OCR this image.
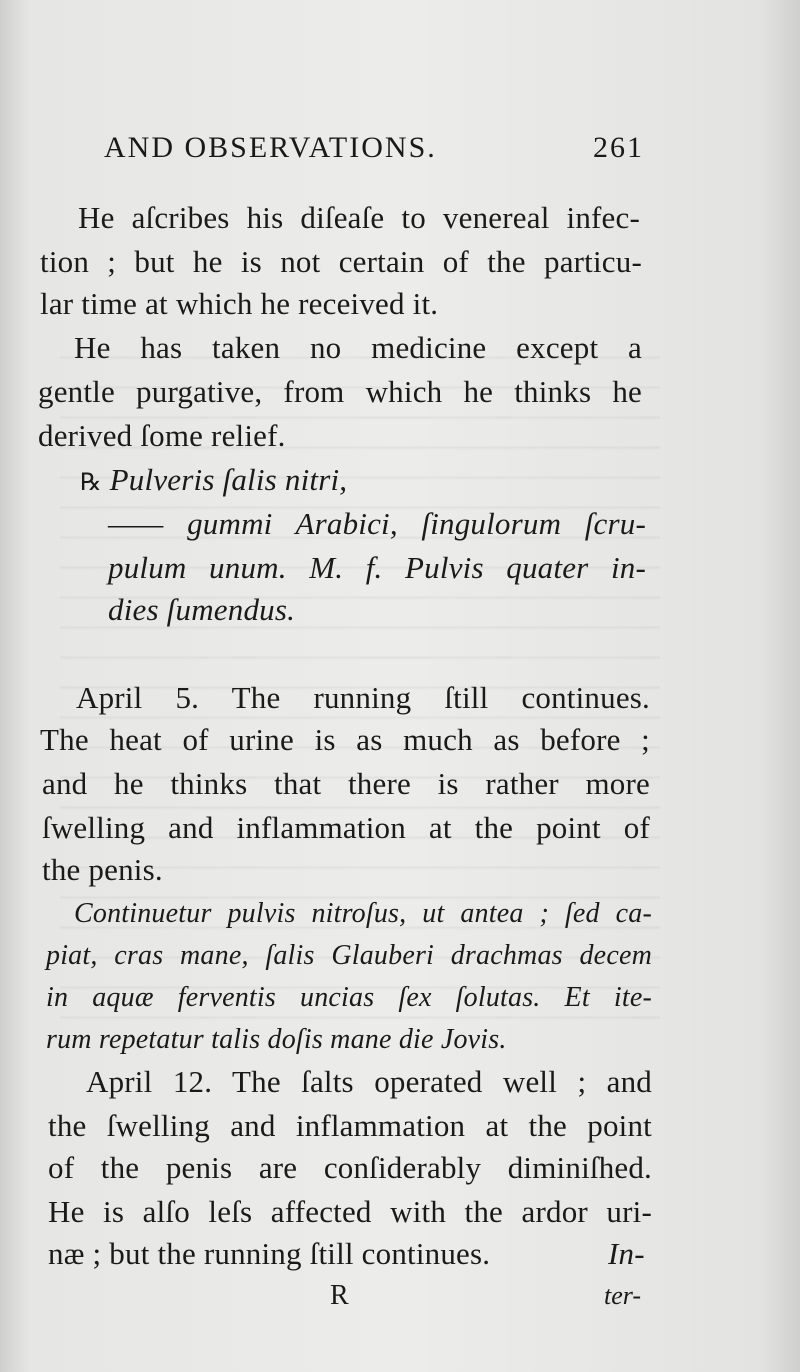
AND OBSERVATIONS.	261
He aſcribes his diſeaſe to venereal infec-
tion ; but he is not certain of the particu-
lar time at which he received it.
He has taken no medicine except a
gentle purgative, from which he thinks he
derived ſome relief.
℞ Pulveris ſalis nitri,
—— gummi Arabici, ſingulorum ſcru-
pulum unum. M. f. Pulvis quater in-
dies ſumendus.
April 5. The running ſtill continues.
The heat of urine is as much as before ;
and he thinks that there is rather more
ſwelling and inflammation at the point of
the penis.
Continuetur pulvis nitroſus, ut antea ; ſed ca-
piat, cras mane, ſalis Glauberi drachmas decem
in aquæ ferventis uncias ſex ſolutas. Et ite-
rum repetatur talis doſis mane die Jovis.
April 12. The ſalts operated well ; and
the ſwelling and inflammation at the point
of the penis are conſiderably diminiſhed.
He is alſo leſs affected with the ardor uri-
næ ; but the running ſtill continues.	In-
R	ter-
